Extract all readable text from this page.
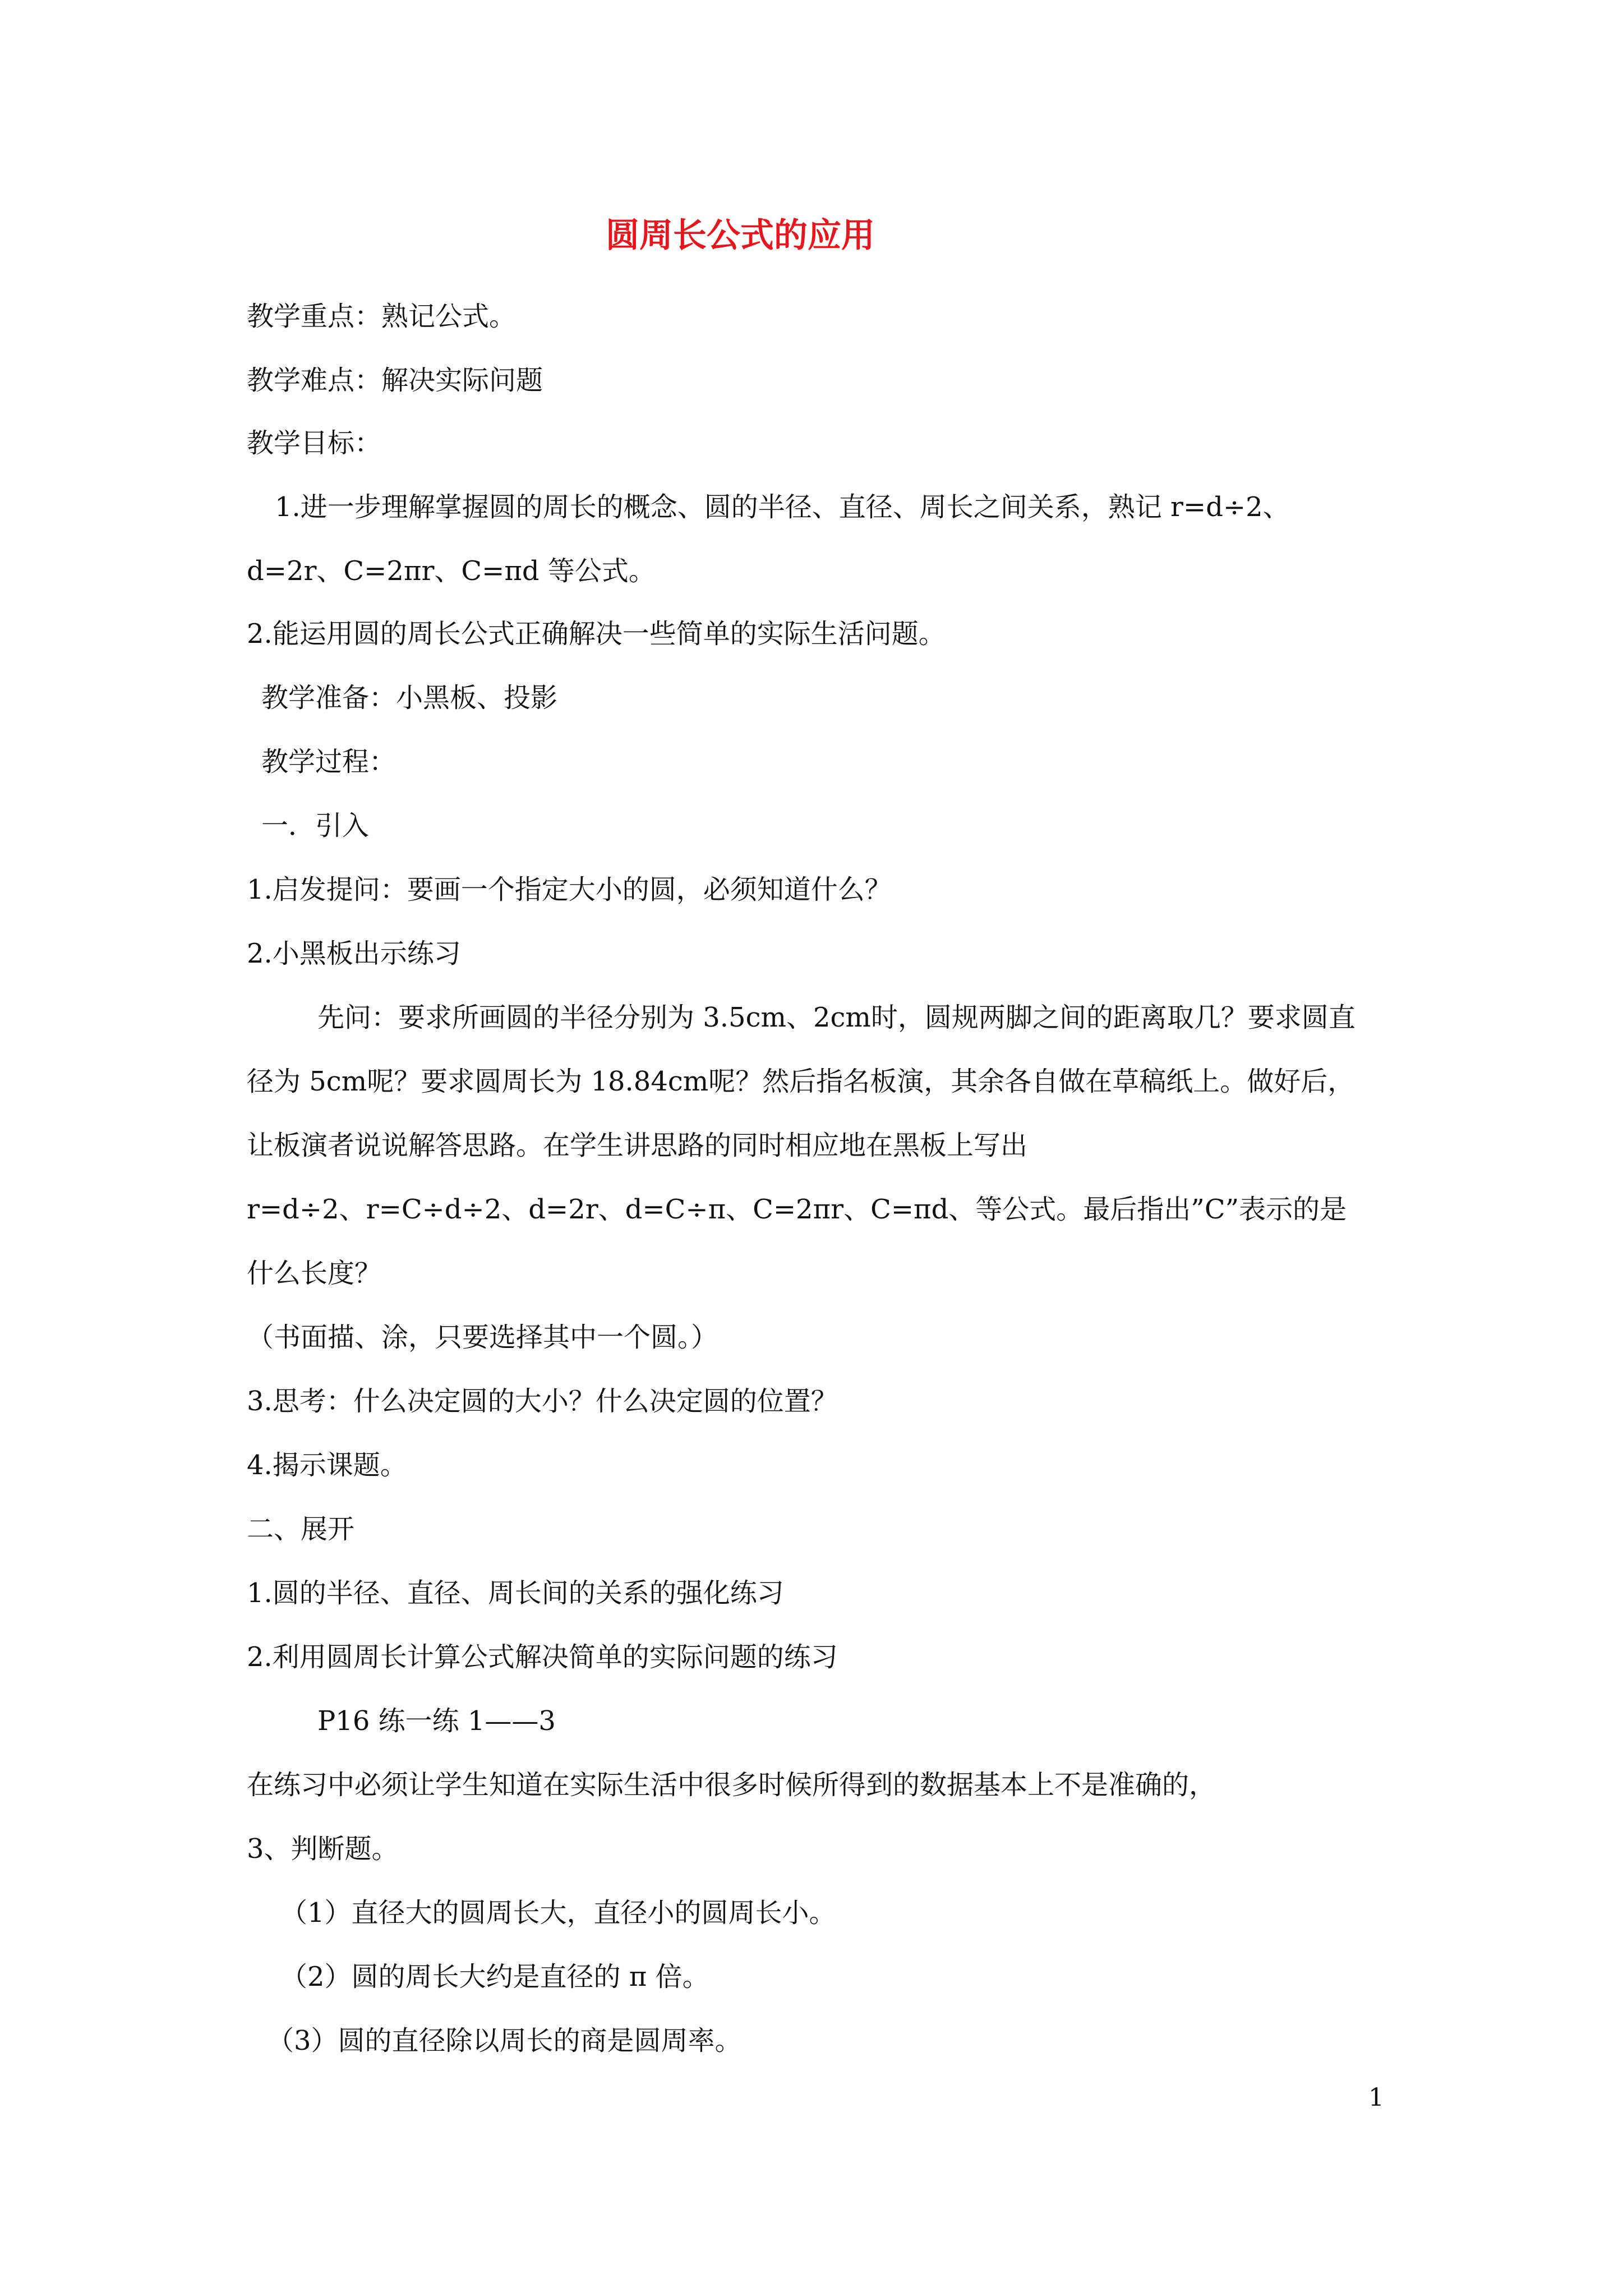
圆周长公式的应用
教学重点：熟记公式。
教学难点：解决实际问题
教学目标：
1.进一步理解掌握圆的周长的概念、圆的半径、直径、周长之间关系，熟记 r=d÷2、
d=2r、C=2πr、C=πd 等公式。
2.能运用圆的周长公式正确解决一些简单的实际生活问题。
教学准备：小黑板、投影
教学过程：
一．引入
1.启发提问：要画一个指定大小的圆，必须知道什么？
2.小黑板出示练习
先问：要求所画圆的半径分别为 3.5cm、2cm时，圆规两脚之间的距离取几？要求圆直
径为 5cm呢？要求圆周长为 18.84cm呢？然后指名板演，其余各自做在草稿纸上。做好后，
让板演者说说解答思路。在学生讲思路的同时相应地在黑板上写出
r=d÷2、r=C÷d÷2、d=2r、d=C÷π、C=2πr、C=πd、等公式。最后指出”C”表示的是
什么长度？
（书面描、涂，只要选择其中一个圆。）
3.思考：什么决定圆的大小？什么决定圆的位置？
4.揭示课题。
二、展开
1.圆的半径、直径、周长间的关系的强化练习
2.利用圆周长计算公式解决简单的实际问题的练习
P16 练一练 1——3
在练习中必须让学生知道在实际生活中很多时候所得到的数据基本上不是准确的，
3、判断题。
（1）直径大的圆周长大，直径小的圆周长小。
（2）圆的周长大约是直径的 π 倍。
（3）圆的直径除以周长的商是圆周率。
1
